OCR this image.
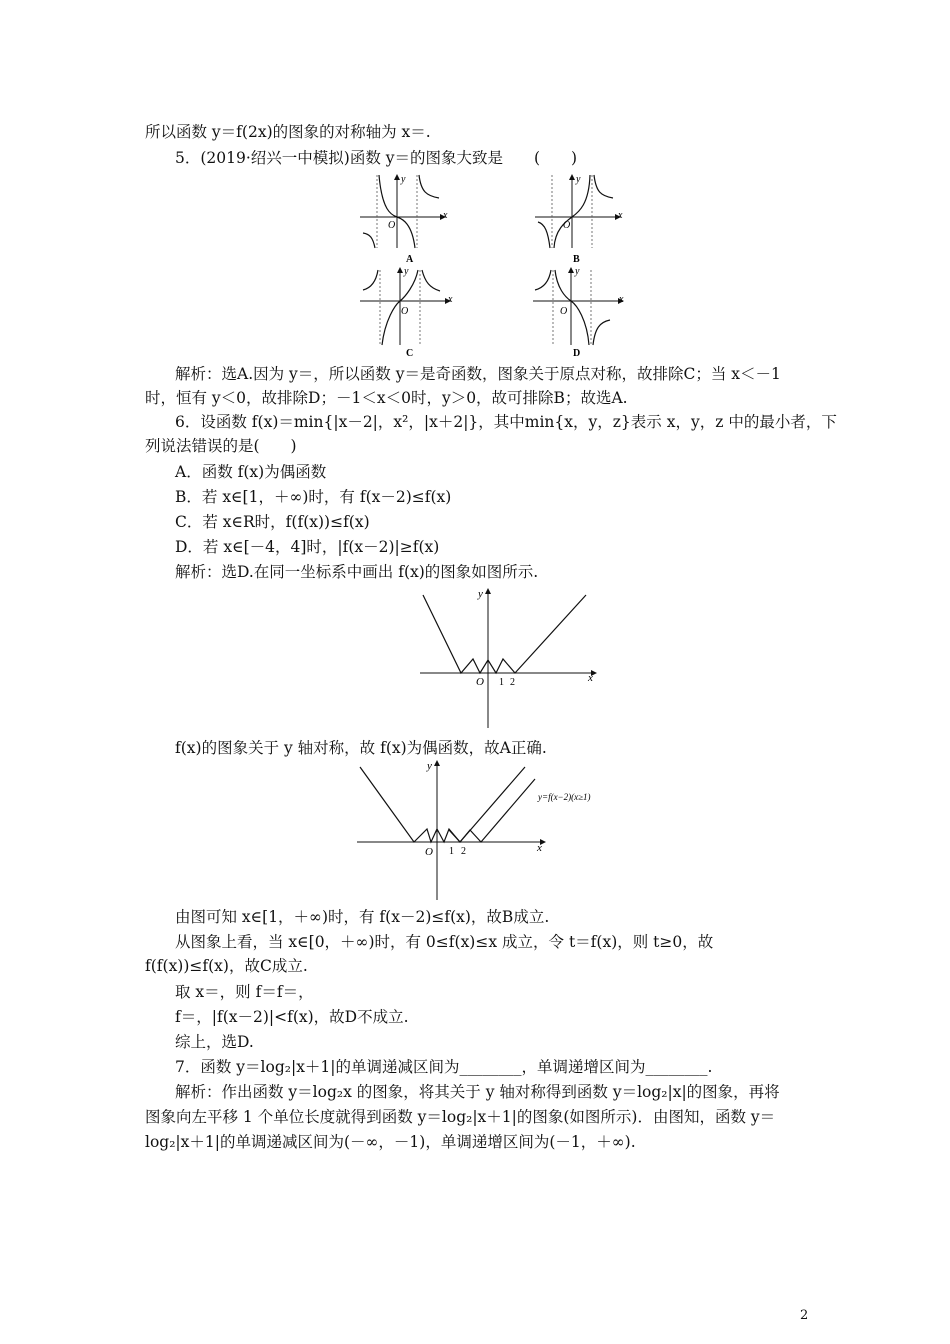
所以函数 y＝f(2x)的图象的对称轴为 x＝.
5．(2019·绍兴一中模拟)函数 y＝的图象大致是　　(　　)
y
x
O
A
y
x
O
B
y
x
O
C
y
x
O
D
解析：选A.因为 y＝，所以函数 y＝是奇函数，图象关于原点对称，故排除C；当 x＜－1
时，恒有 y＜0，故排除D；－1＜x＜0时，y＞0，故可排除B；故选A.
6．设函数 f(x)＝min{|x－2|，x²，|x＋2|}，其中min{x，y，z}表示 x，y，z 中的最小者，下
列说法错误的是(　　)
A．函数 f(x)为偶函数
B．若 x∈[1，＋∞)时，有 f(x－2)≤f(x)
C．若 x∈R时，f(f(x))≤f(x)
D．若 x∈[－4，4]时，|f(x－2)|≥f(x)
解析：选D.在同一坐标系中画出 f(x)的图象如图所示.
y
x
O 1 2
f(x)的图象关于 y 轴对称，故 f(x)为偶函数，故A正确.
y
x
O 1 2
y=f(x−2)(x≥1)
由图可知 x∈[1，＋∞)时，有 f(x－2)≤f(x)，故B成立.
从图象上看，当 x∈[0，＋∞)时，有 0≤f(x)≤x 成立，令 t＝f(x)，则 t≥0，故
f(f(x))≤f(x)，故C成立.
取 x＝，则 f＝f＝，
f＝，|f(x－2)|<f(x)，故D不成立.
综上，选D.
7．函数 y＝log₂|x＋1|的单调递减区间为________，单调递增区间为________.
解析：作出函数 y＝log₂x 的图象，将其关于 y 轴对称得到函数 y＝log₂|x|的图象，再将
图象向左平移 1 个单位长度就得到函数 y＝log₂|x＋1|的图象(如图所示)．由图知，函数 y＝
log₂|x＋1|的单调递减区间为(－∞，－1)，单调递增区间为(－1，＋∞).
2
